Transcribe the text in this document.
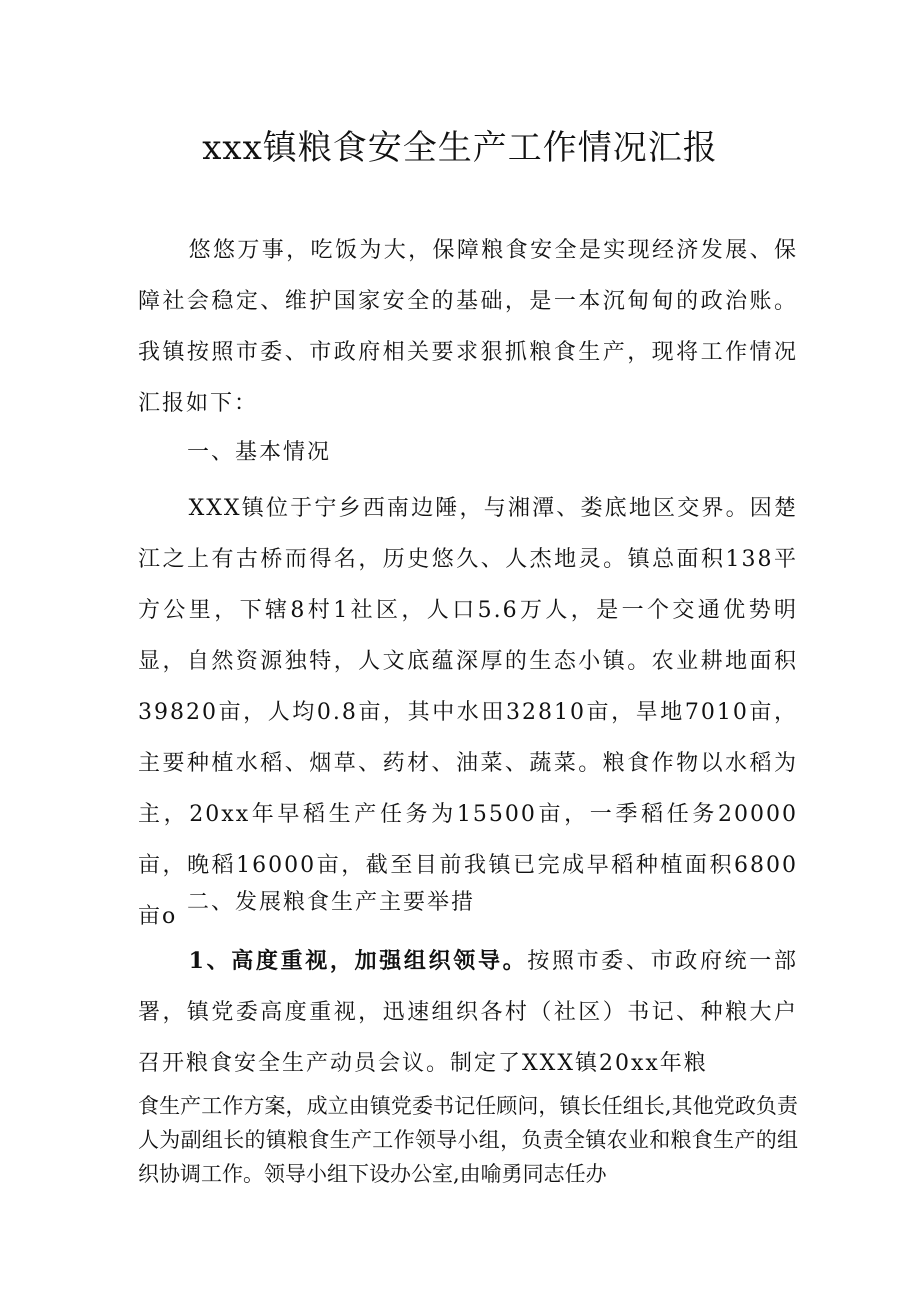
xxx镇粮食安全生产工作情况汇报

悠悠万事，吃饭为大，保障粮食安全是实现经济发展、保障社会稳定、维护国家安全的基础，是一本沉甸甸的政治账。我镇按照市委、市政府相关要求狠抓粮食生产，现将工作情况汇报如下：

一、基本情况

XXX镇位于宁乡西南边陲，与湘潭、娄底地区交界。因楚江之上有古桥而得名，历史悠久、人杰地灵。镇总面积138平方公里，下辖8村1社区，人口5.6万人，是一个交通优势明显，自然资源独特，人文底蕴深厚的生态小镇。农业耕地面积39820亩，人均0.8亩，其中水田32810亩，旱地7010亩，主要种植水稻、烟草、药材、油菜、蔬菜。粮食作物以水稻为主，20xx年早稻生产任务为15500亩，一季稻任务20000亩，晚稻16000亩，截至目前我镇已完成早稻种植面积6800亩o

二、发展粮食生产主要举措

1、高度重视，加强组织领导。按照市委、市政府统一部署，镇党委高度重视，迅速组织各村（社区）书记、种粮大户召开粮食安全生产动员会议。制定了XXX镇20xx年粮

食生产工作方案，成立由镇党委书记任顾问，镇长任组长,其他党政负责人为副组长的镇粮食生产工作领导小组，负责全镇农业和粮食生产的组织协调工作。领导小组下设办公室,由喻勇同志任办
